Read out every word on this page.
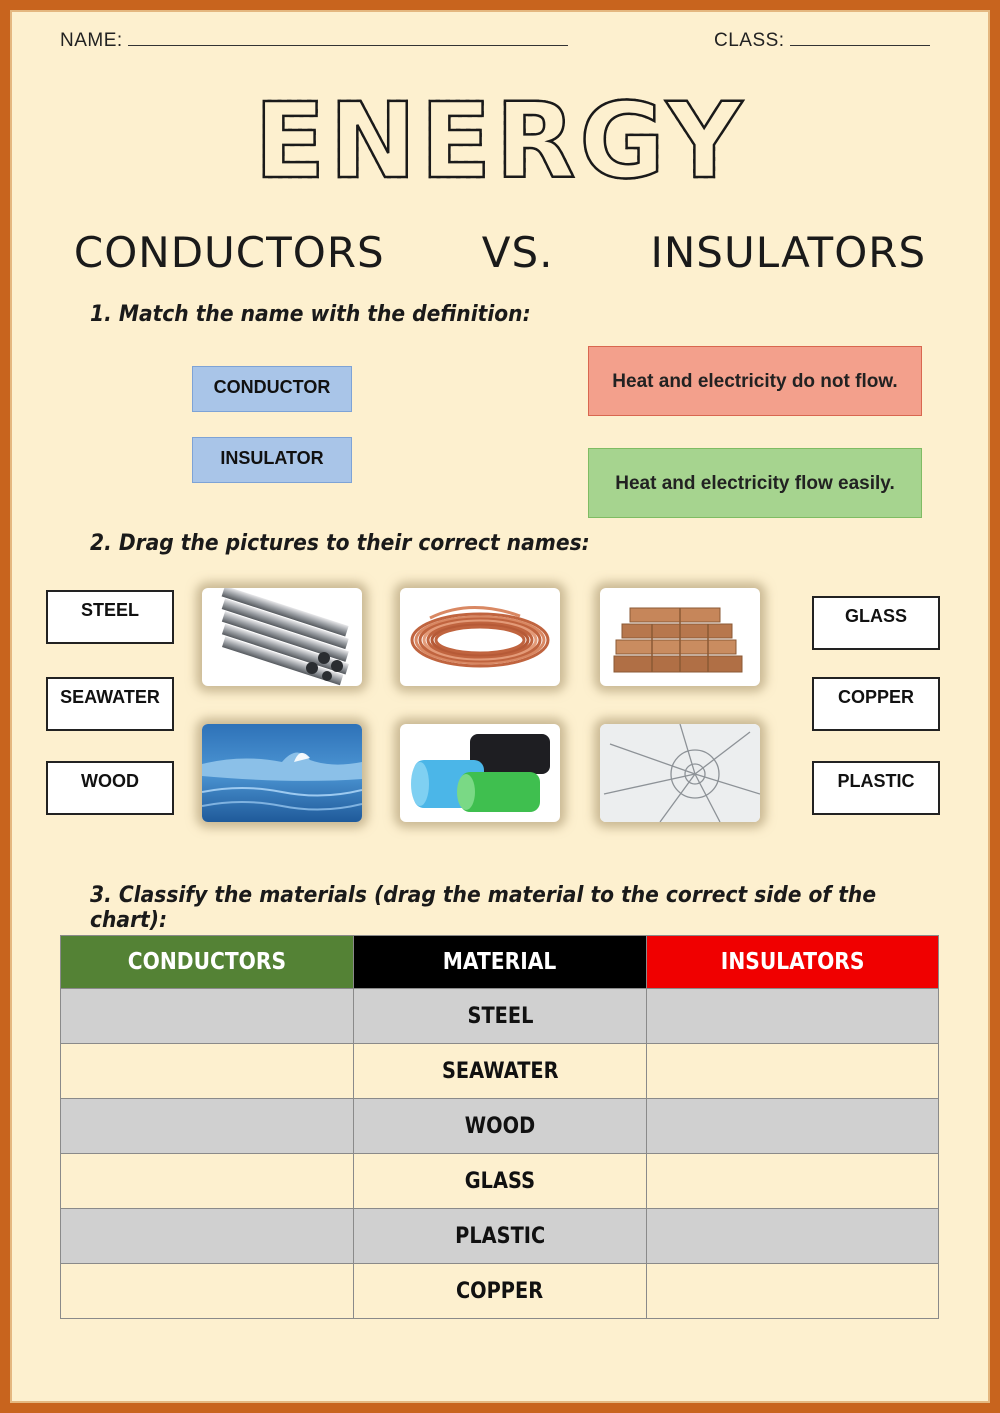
NAME:	CLASS:
ENERGY
CONDUCTORS   VS.   INSULATORS
1. Match the name with the definition:
CONDUCTOR
INSULATOR
Heat and electricity do not flow.
Heat and electricity flow easily.
2. Drag the pictures to their correct names:
STEEL
SEAWATER
WOOD
GLASS
COPPER
PLASTIC
3. Classify the materials (drag the material to the correct side of the chart):
CONDUCTORS	MATERIAL	INSULATORS
	STEEL	
	SEAWATER	
	WOOD	
	GLASS	
	PLASTIC	
	COPPER	
